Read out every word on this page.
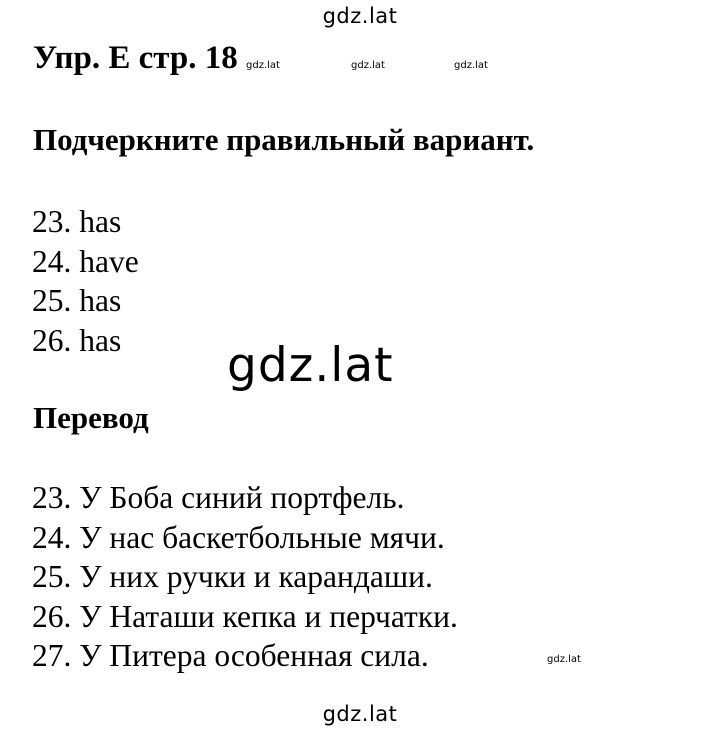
gdz.lat
Упр. E стр. 18 gdz.lat	gdz.lat	gdz.lat
Подчеркните правильный вариант.
23. has
24. have
25. has
26. has	gdz.lat
Перевод
23. У Боба синий портфель.
24. У нас баскетбольные мячи.
25. У них ручки и карандаши.
26. У Наташи кепка и перчатки.
27. У Питера особенная сила.	gdz.lat
gdz.lat
